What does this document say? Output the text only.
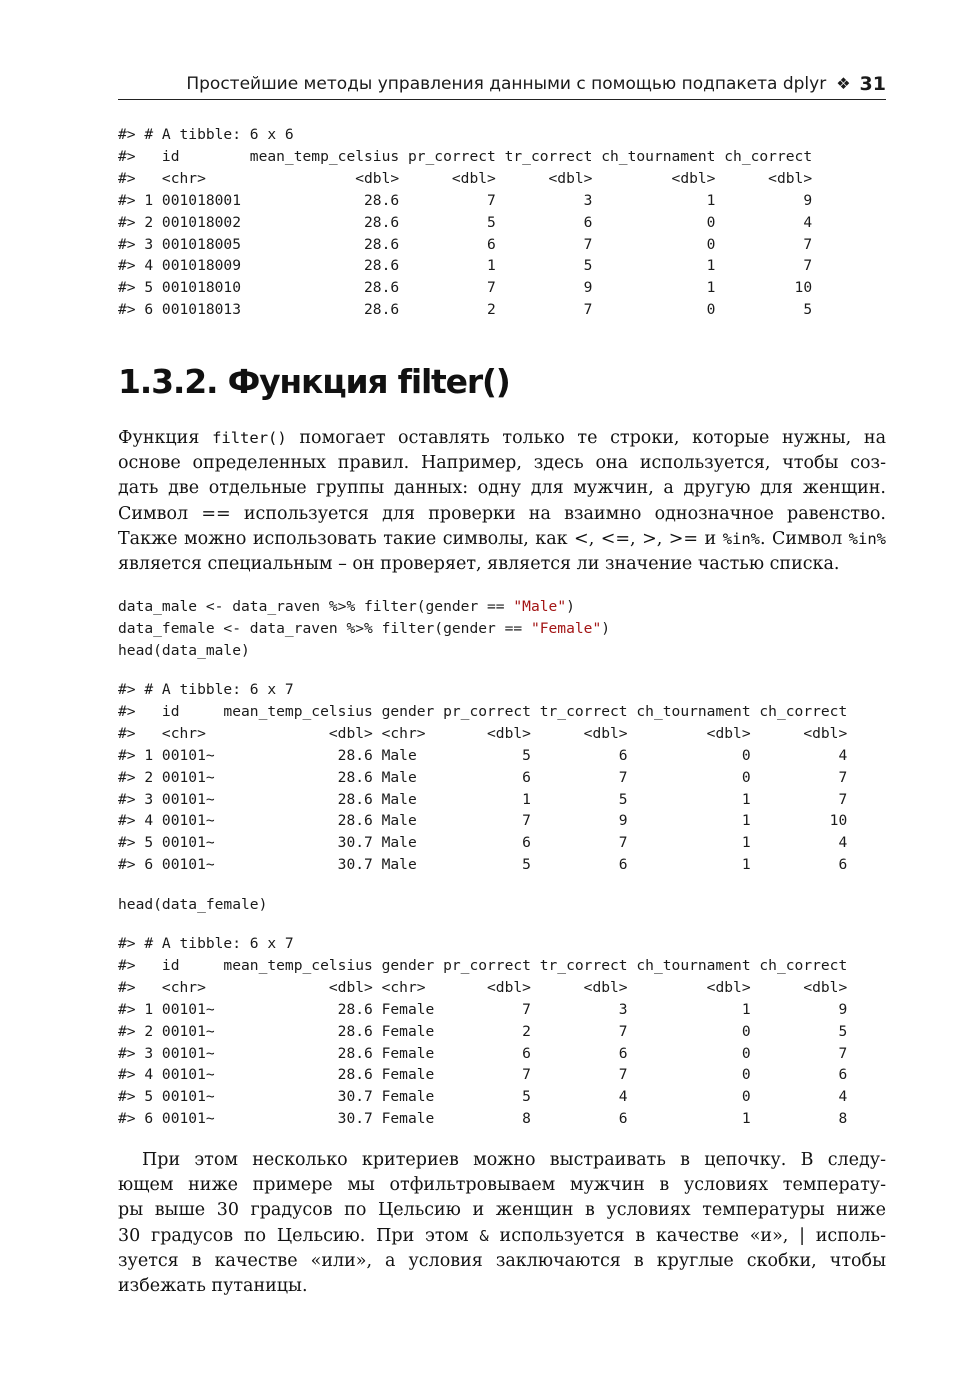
Простейшие методы управления данными с помощью подпакета dplyr ❖ 31
#> # A tibble: 6 x 6
#>   id        mean_temp_celsius pr_correct tr_correct ch_tournament ch_correct
#>   <chr>                 <dbl>      <dbl>      <dbl>         <dbl>      <dbl>
#> 1 001018001              28.6          7          3             1          9
#> 2 001018002              28.6          5          6             0          4
#> 3 001018005              28.6          6          7             0          7
#> 4 001018009              28.6          1          5             1          7
#> 5 001018010              28.6          7          9             1         10
#> 6 001018013              28.6          2          7             0          5
1.3.2. Функция filter()
Функция filter() помогает оставлять только те строки, которые нужны, на
основе определенных правил. Например, здесь она используется, чтобы соз-
дать две отдельные группы данных: одну для мужчин, а другую для женщин.
Символ == используется для проверки на взаимно однозначное равенство.
Также можно использовать такие символы, как <, <=, >, >= и %in%. Символ %in%
является специальным – он проверяет, является ли значение частью списка.
data_male <- data_raven %>% filter(gender == "Male")
data_female <- data_raven %>% filter(gender == "Female")
head(data_male)
#> # A tibble: 6 x 7
#>   id     mean_temp_celsius gender pr_correct tr_correct ch_tournament ch_correct
#>   <chr>              <dbl> <chr>       <dbl>      <dbl>         <dbl>      <dbl>
#> 1 00101~              28.6 Male            5          6             0          4
#> 2 00101~              28.6 Male            6          7             0          7
#> 3 00101~              28.6 Male            1          5             1          7
#> 4 00101~              28.6 Male            7          9             1         10
#> 5 00101~              30.7 Male            6          7             1          4
#> 6 00101~              30.7 Male            5          6             1          6
head(data_female)
#> # A tibble: 6 x 7
#>   id     mean_temp_celsius gender pr_correct tr_correct ch_tournament ch_correct
#>   <chr>              <dbl> <chr>       <dbl>      <dbl>         <dbl>      <dbl>
#> 1 00101~              28.6 Female          7          3             1          9
#> 2 00101~              28.6 Female          2          7             0          5
#> 3 00101~              28.6 Female          6          6             0          7
#> 4 00101~              28.6 Female          7          7             0          6
#> 5 00101~              30.7 Female          5          4             0          4
#> 6 00101~              30.7 Female          8          6             1          8
При этом несколько критериев можно выстраивать в цепочку. В следу-
ющем ниже примере мы отфильтровываем мужчин в условиях температу-
ры выше 30 градусов по Цельсию и женщин в условиях температуры ниже
30 градусов по Цельсию. При этом & используется в качестве «и», | исполь-
зуется в качестве «или», а условия заключаются в круглые скобки, чтобы
избежать путаницы.
